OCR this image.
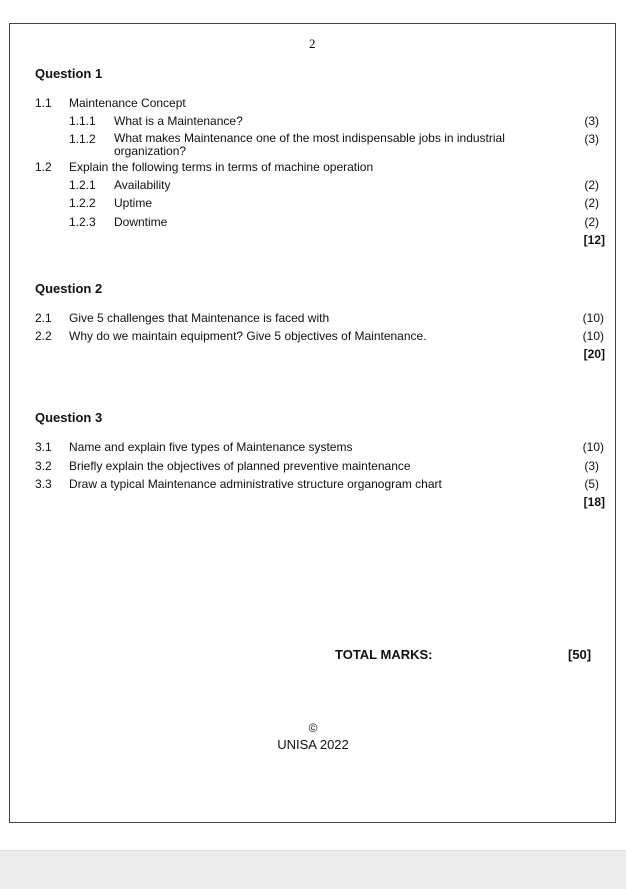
2
Question 1
1.1 Maintenance Concept
1.1.1 What is a Maintenance?	(3)
1.1.2 What makes Maintenance one of the most indispensable jobs in industrial organization?
(3)
1.2 Explain the following terms in terms of machine operation
1.2.1 Availability	(2)
1.2.2 Uptime	(2)
1.2.3 Downtime	(2)
[12]
Question 2
2.1 Give 5 challenges that Maintenance is faced with	(10)
2.2 Why do we maintain equipment? Give 5 objectives of Maintenance.	(10)
[20]
Question 3
3.1 Name and explain five types of Maintenance systems	(10)
3.2 Briefly explain the objectives of planned preventive maintenance	(3)
3.3 Draw a typical Maintenance administrative structure organogram chart	(5)
[18]
TOTAL MARKS:	[50]
©
UNISA 2022
